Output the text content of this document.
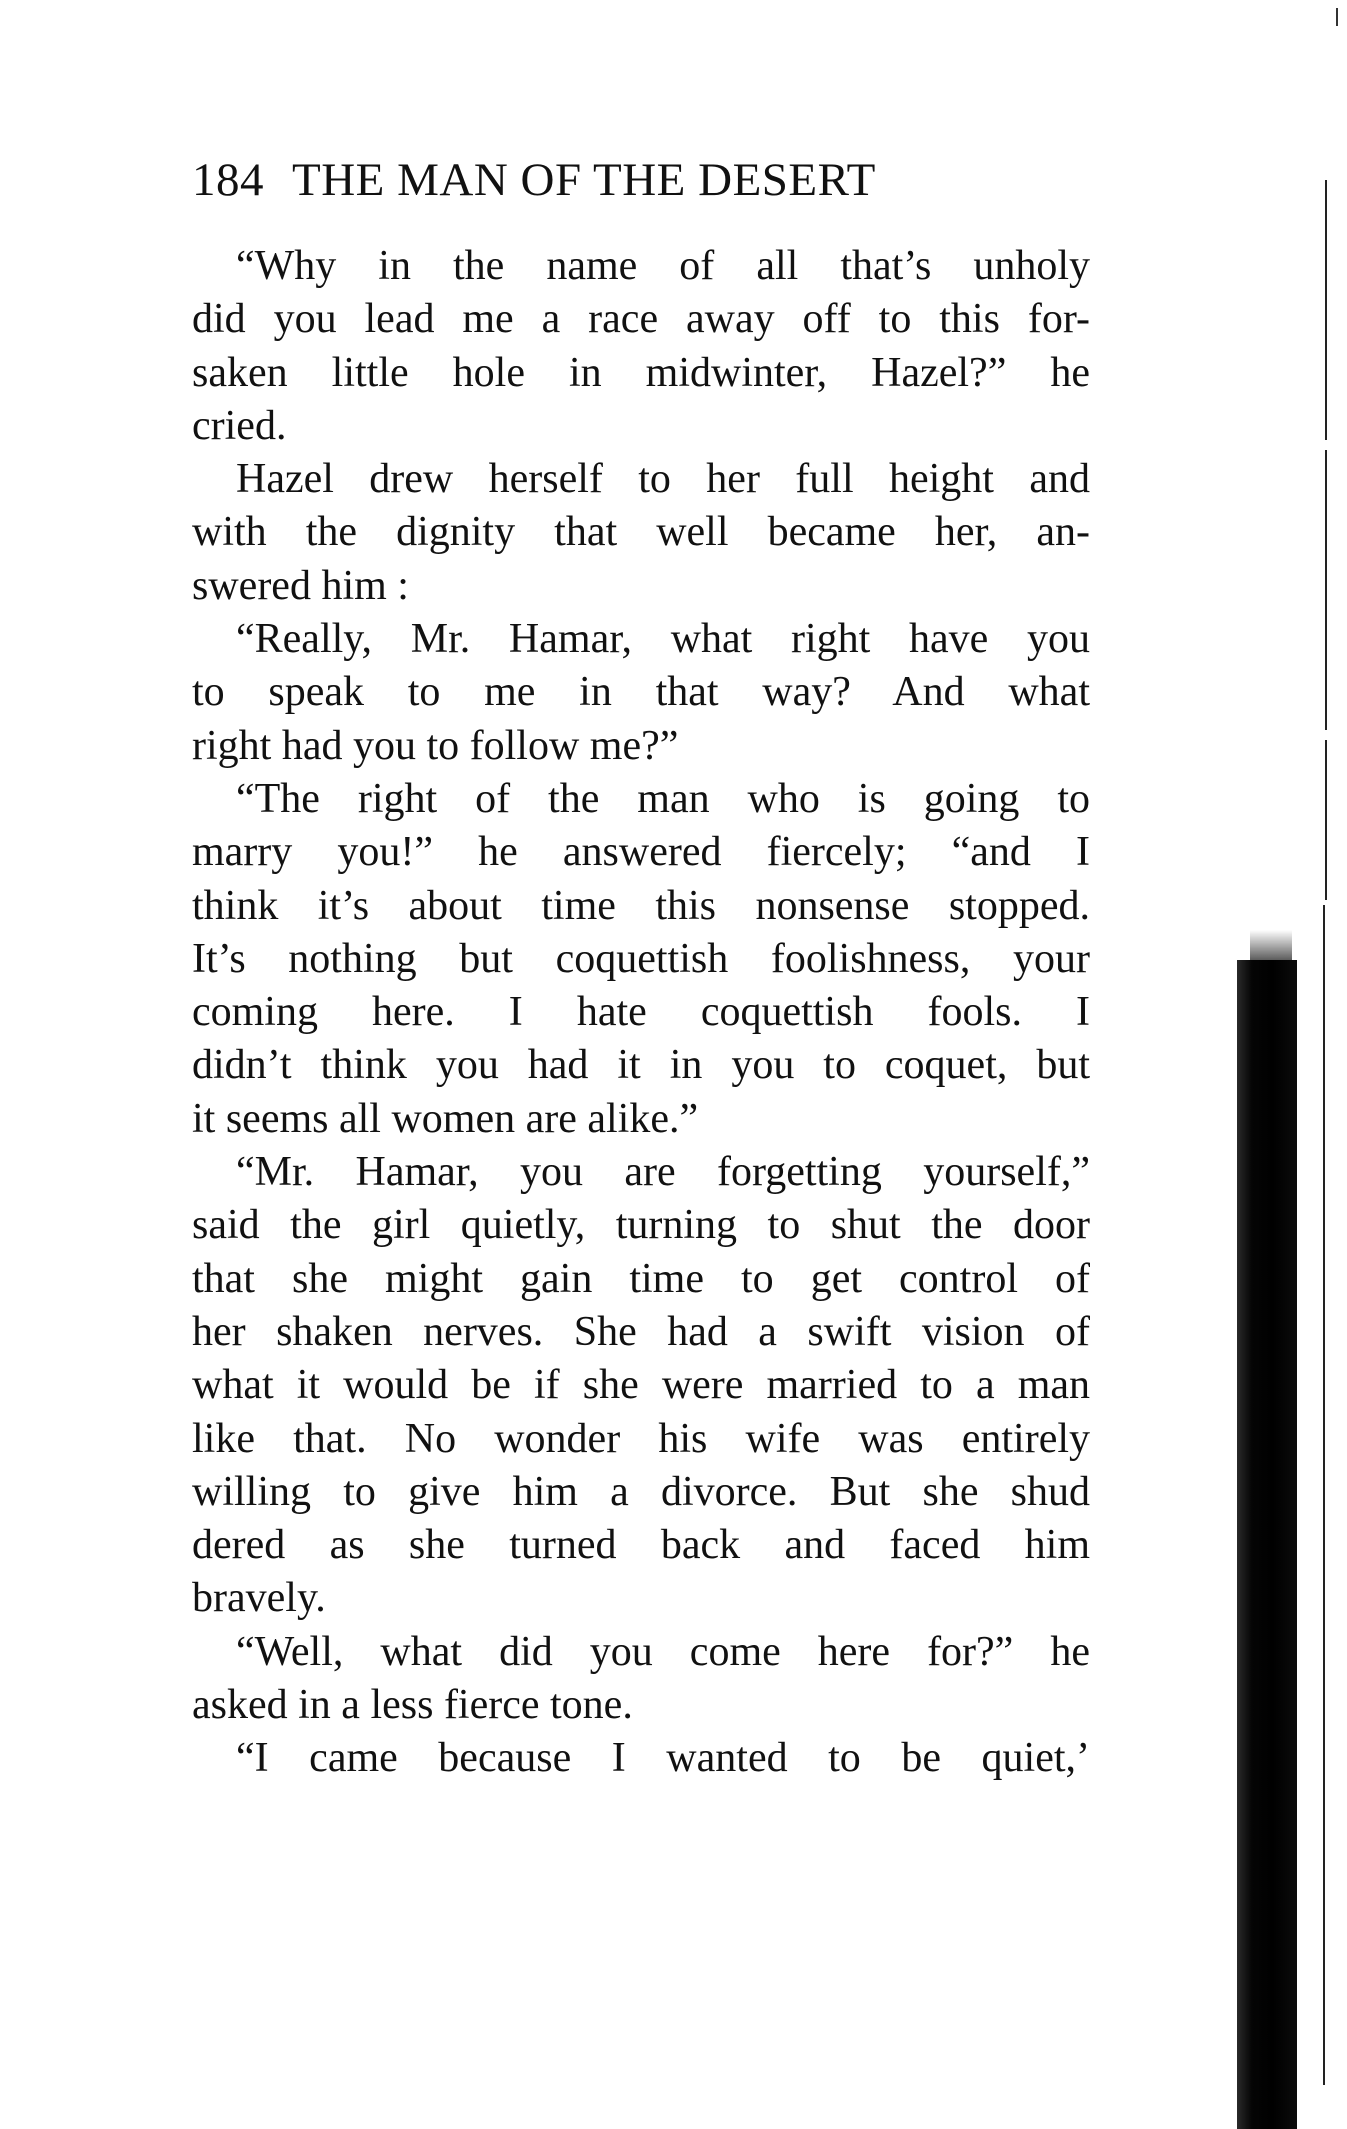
184 THE MAN OF THE DESERT
“Why in the name of all that’s unholy
did you lead me a race away off to this for-
saken little hole in midwinter, Hazel?” he
cried.
Hazel drew herself to her full height and
with the dignity that well became her, an-
swered him :
“Really, Mr. Hamar, what right have you
to speak to me in that way? And what
right had you to follow me?”
“The right of the man who is going to
marry you!” he answered fiercely; “and I
think it’s about time this nonsense stopped.
It’s nothing but coquettish foolishness, your
coming here. I hate coquettish fools. I
didn’t think you had it in you to coquet, but
it seems all women are alike.”
“Mr. Hamar, you are forgetting yourself,”
said the girl quietly, turning to shut the door
that she might gain time to get control of
her shaken nerves. She had a swift vision of
what it would be if she were married to a man
like that. No wonder his wife was entirely
willing to give him a divorce. But she shud
dered as she turned back and faced him
bravely.
“Well, what did you come here for?” he
asked in a less fierce tone.
“I came because I wanted to be quiet,’
